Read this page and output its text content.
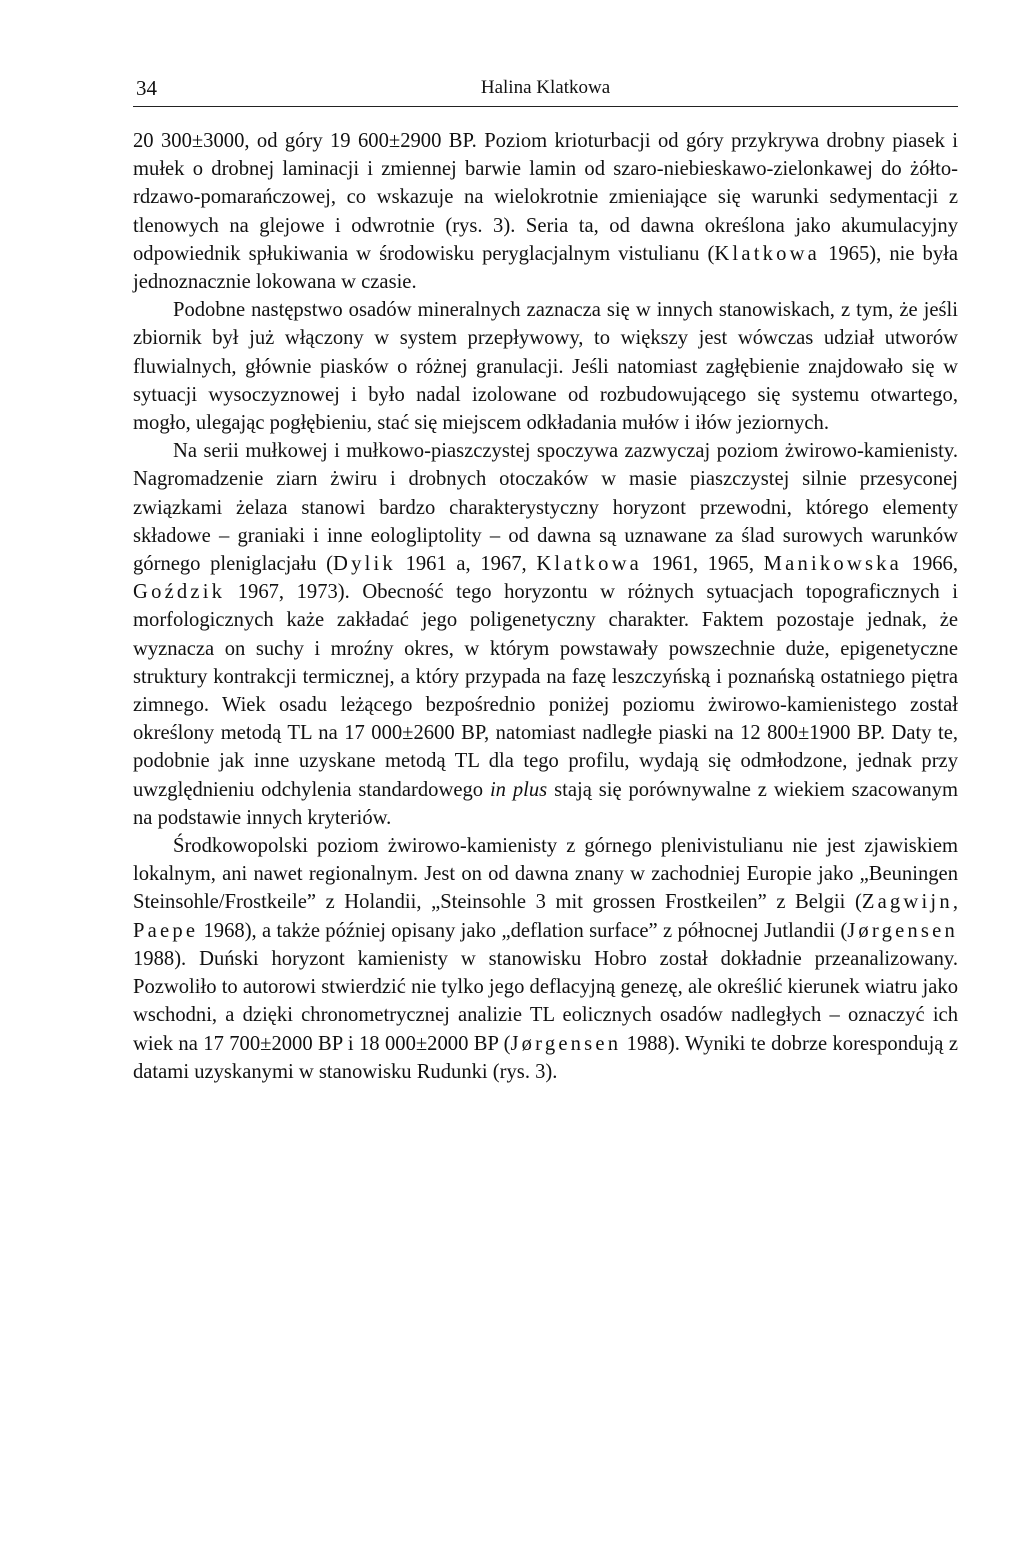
34	Halina Klatkowa

20 300±3000, od góry 19 600±2900 BP. Poziom krioturbacji od góry przykrywa drobny piasek i mułek o drobnej laminacji i zmiennej barwie lamin od szaro-niebieskawo-zielonkawej do żółto-rdzawo-pomarańczowej, co wskazuje na wielokrotnie zmieniające się warunki sedymentacji z tlenowych na glejowe i odwrotnie (rys. 3). Seria ta, od dawna określona jako akumulacyjny odpowiednik spłukiwania w środowisku peryglacjalnym vistulianu (Klatkowa 1965), nie była jednoznacznie lokowana w czasie.

Podobne następstwo osadów mineralnych zaznacza się w innych stanowiskach, z tym, że jeśli zbiornik był już włączony w system przepływowy, to większy jest wówczas udział utworów fluwialnych, głównie piasków o różnej granulacji. Jeśli natomiast zagłębienie znajdowało się w sytuacji wysoczyznowej i było nadal izolowane od rozbudowującego się systemu otwartego, mogło, ulegając pogłębieniu, stać się miejscem odkładania mułów i iłów jeziornych.

Na serii mułkowej i mułkowo-piaszczystej spoczywa zazwyczaj poziom żwirowo-kamienisty. Nagromadzenie ziarn żwiru i drobnych otoczaków w masie piaszczystej silnie przesyconej związkami żelaza stanowi bardzo charakterystyczny horyzont przewodni, którego elementy składowe – graniaki i inne eologliptolity – od dawna są uznawane za ślad surowych warunków górnego pleniglacjału (Dylik 1961 a, 1967, Klatkowa 1961, 1965, Manikowska 1966, Goździk 1967, 1973). Obecność tego horyzontu w różnych sytuacjach topograficznych i morfologicznych każe zakładać jego poligenetyczny charakter. Faktem pozostaje jednak, że wyznacza on suchy i mroźny okres, w którym powstawały powszechnie duże, epigenetyczne struktury kontrakcji termicznej, a który przypada na fazę leszczyńską i poznańską ostatniego piętra zimnego. Wiek osadu leżącego bezpośrednio poniżej poziomu żwirowo-kamienistego został określony metodą TL na 17 000±2600 BP, natomiast nadległe piaski na 12 800±1900 BP. Daty te, podobnie jak inne uzyskane metodą TL dla tego profilu, wydają się odmłodzone, jednak przy uwzględnieniu odchylenia standardowego in plus stają się porównywalne z wiekiem szacowanym na podstawie innych kryteriów.

Środkowopolski poziom żwirowo-kamienisty z górnego plenivistulianu nie jest zjawiskiem lokalnym, ani nawet regionalnym. Jest on od dawna znany w zachodniej Europie jako „Beuningen Steinsohle/Frostkeile” z Holandii, „Steinsohle 3 mit grossen Frostkeilen” z Belgii (Zagwijn, Paepe 1968), a także później opisany jako „deflation surface” z północnej Jutlandii (Jørgensen 1988). Duński horyzont kamienisty w stanowisku Hobro został dokładnie przeanalizowany. Pozwoliło to autorowi stwierdzić nie tylko jego deflacyjną genezę, ale określić kierunek wiatru jako wschodni, a dzięki chronometrycznej analizie TL eolicznych osadów nadległych – oznaczyć ich wiek na 17 700±2000 BP i 18 000±2000 BP (Jørgensen 1988). Wyniki te dobrze korespondują z datami uzyskanymi w stanowisku Rudunki (rys. 3).
